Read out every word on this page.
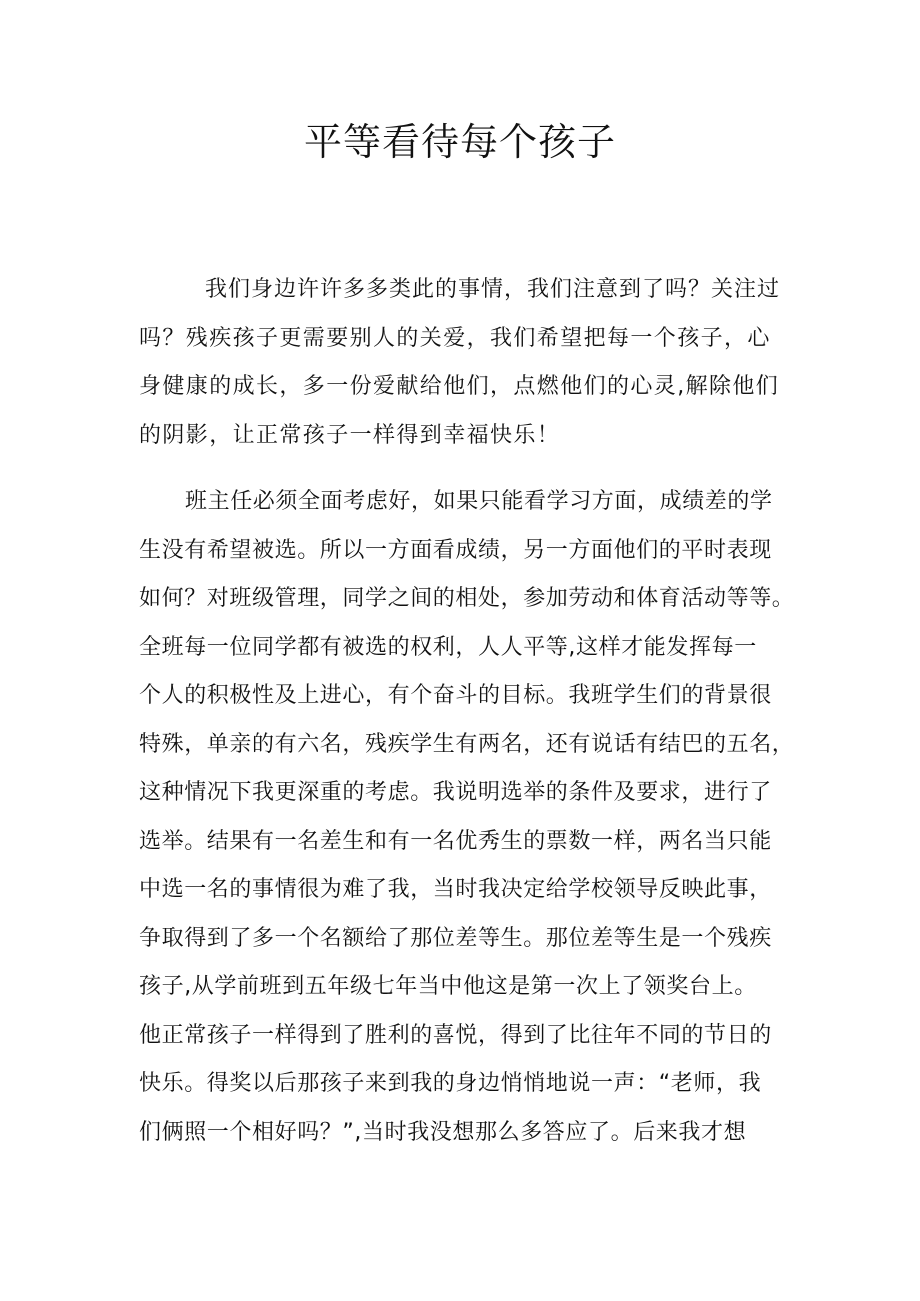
平等看待每个孩子
我们身边许许多多类此的事情，我们注意到了吗？关注过
吗？残疾孩子更需要别人的关爱，我们希望把每一个孩子，心
身健康的成长，多一份爱献给他们，点燃他们的心灵,解除他们
的阴影，让正常孩子一样得到幸福快乐！
班主任必须全面考虑好，如果只能看学习方面，成绩差的学
生没有希望被选。所以一方面看成绩，另一方面他们的平时表现
如何？对班级管理，同学之间的相处，参加劳动和体育活动等等。
全班每一位同学都有被选的权利，人人平等,这样才能发挥每一
个人的积极性及上进心，有个奋斗的目标。我班学生们的背景很
特殊，单亲的有六名，残疾学生有两名，还有说话有结巴的五名，
这种情况下我更深重的考虑。我说明选举的条件及要求，进行了
选举。结果有一名差生和有一名优秀生的票数一样，两名当只能
中选一名的事情很为难了我，当时我决定给学校领导反映此事，
争取得到了多一个名额给了那位差等生。那位差等生是一个残疾
孩子,从学前班到五年级七年当中他这是第一次上了领奖台上。
他正常孩子一样得到了胜利的喜悦，得到了比往年不同的节日的
快乐。得奖以后那孩子来到我的身边悄悄地说一声：“老师，我
们俩照一个相好吗？”,当时我没想那么多答应了。后来我才想
